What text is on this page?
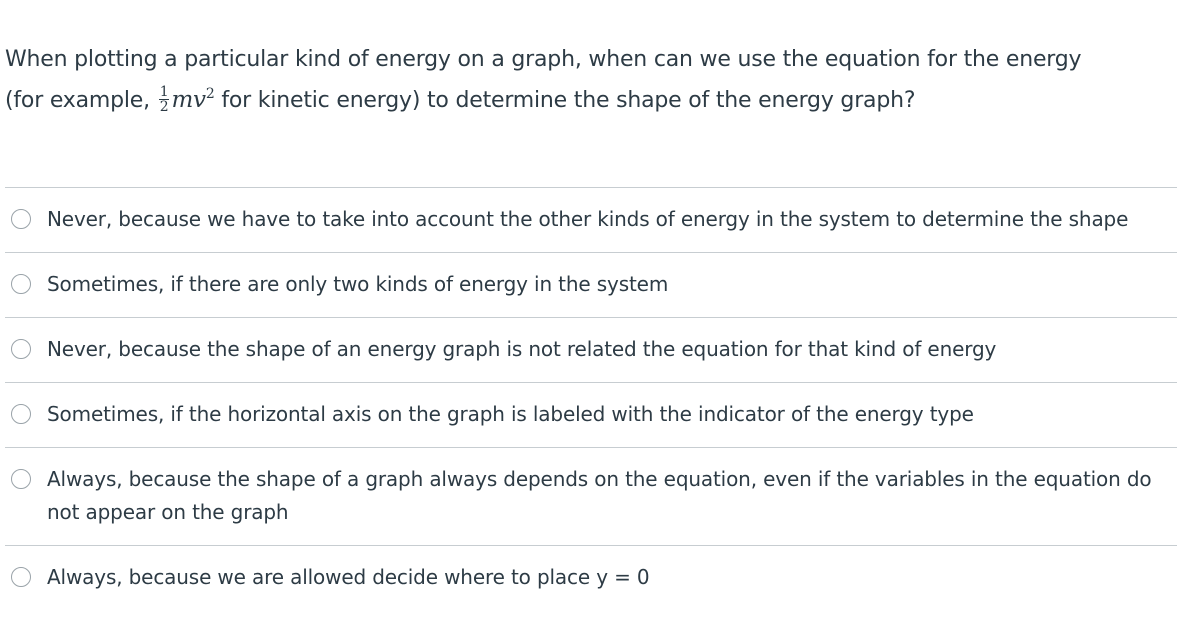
When plotting a particular kind of energy on a graph, when can we use the equation for the energy
(for example, $\frac{1}{2} mv^2$ for kinetic energy) to determine the shape of the energy graph?
Never, because we have to take into account the other kinds of energy in the system to determine the shape
Sometimes, if there are only two kinds of energy in the system
Never, because the shape of an energy graph is not related the equation for that kind of energy
Sometimes, if the horizontal axis on the graph is labeled with the indicator of the energy type
Always, because the shape of a graph always depends on the equation, even if the variables in the equation do not appear on the graph
Always, because we are allowed decide where to place y = 0
